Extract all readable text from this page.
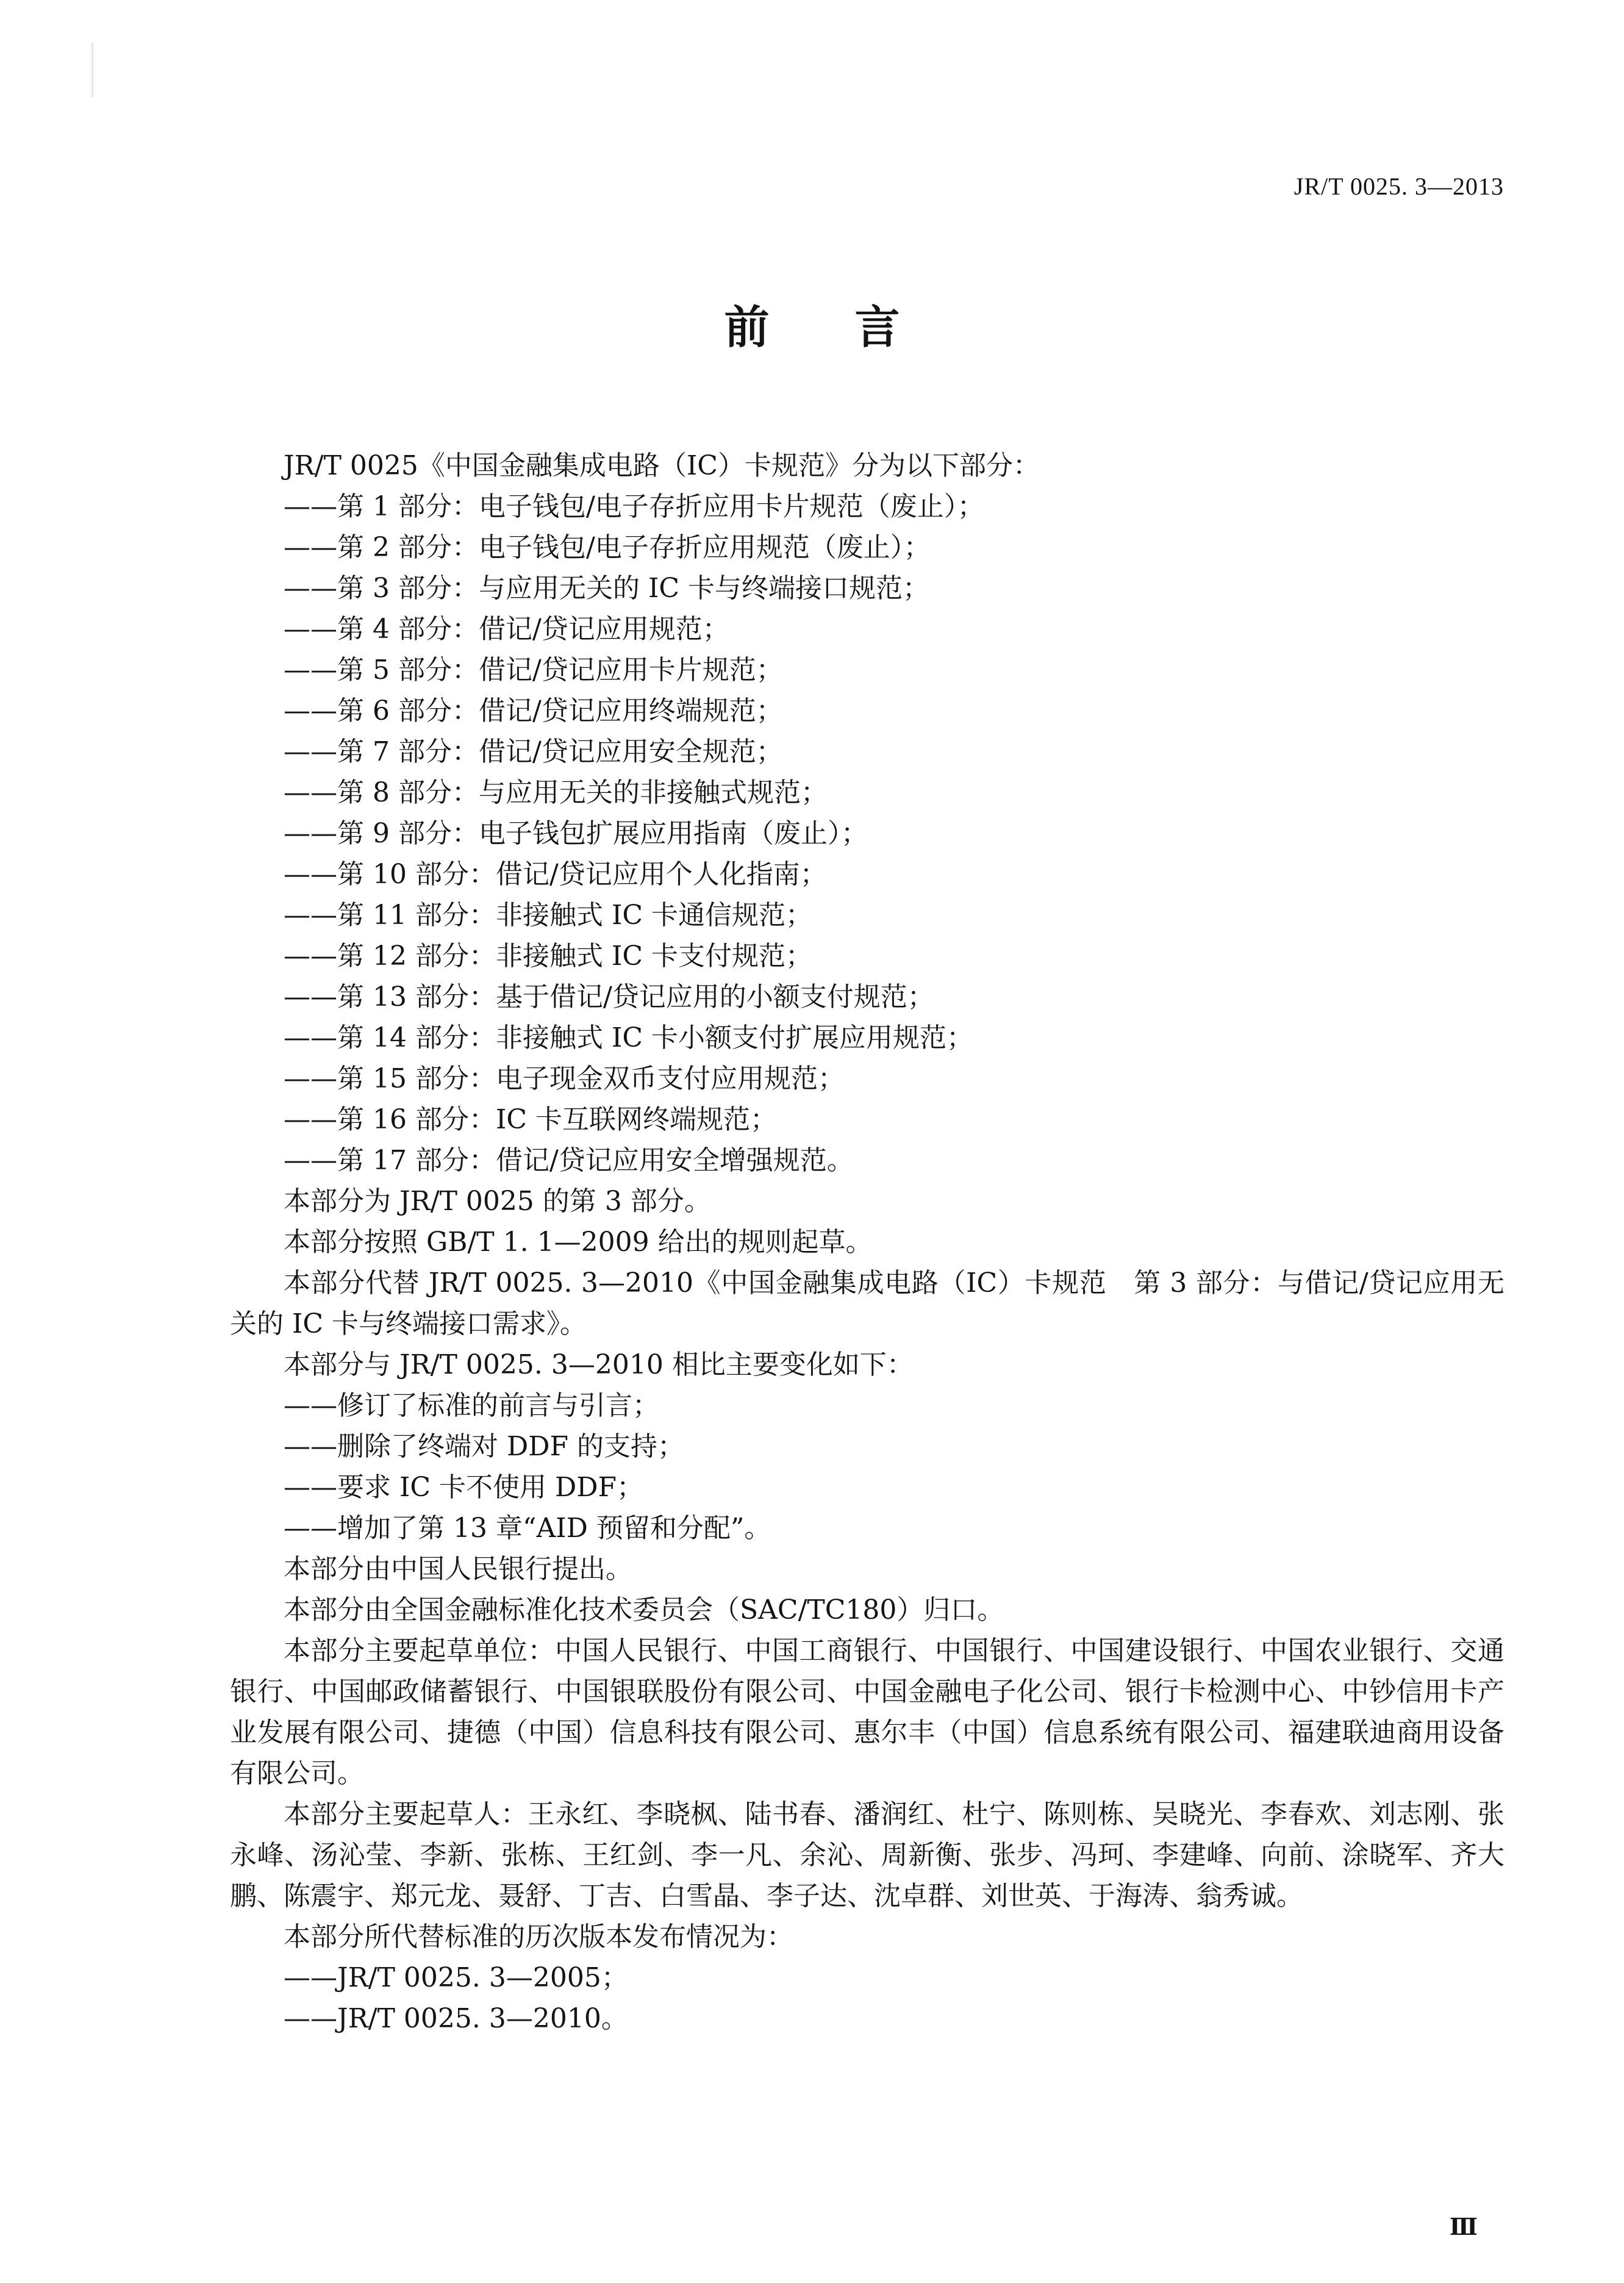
JR/T 0025. 3—2013
前 言

JR/T 0025《中国金融集成电路（IC）卡规范》分为以下部分：

——第 1 部分：电子钱包/电子存折应用卡片规范（废止）；

——第 2 部分：电子钱包/电子存折应用规范（废止）；

——第 3 部分：与应用无关的 IC 卡与终端接口规范；

——第 4 部分：借记/贷记应用规范；

——第 5 部分：借记/贷记应用卡片规范；

——第 6 部分：借记/贷记应用终端规范；

——第 7 部分：借记/贷记应用安全规范；

——第 8 部分：与应用无关的非接触式规范；

——第 9 部分：电子钱包扩展应用指南（废止）；

——第 10 部分：借记/贷记应用个人化指南；

——第 11 部分：非接触式 IC 卡通信规范；

——第 12 部分：非接触式 IC 卡支付规范；

——第 13 部分：基于借记/贷记应用的小额支付规范；

——第 14 部分：非接触式 IC 卡小额支付扩展应用规范；

——第 15 部分：电子现金双币支付应用规范；

——第 16 部分：IC 卡互联网终端规范；

——第 17 部分：借记/贷记应用安全增强规范。

本部分为 JR/T 0025 的第 3 部分。

本部分按照 GB/T 1. 1—2009 给出的规则起草。

本部分代替 JR/T 0025. 3—2010《中国金融集成电路（IC）卡规范　第 3 部分：与借记/贷记应用无关的 IC 卡与终端接口需求》。

本部分与 JR/T 0025. 3—2010 相比主要变化如下：

——修订了标准的前言与引言；

——删除了终端对 DDF 的支持；

——要求 IC 卡不使用 DDF；

——增加了第 13 章“AID 预留和分配”。

本部分由中国人民银行提出。

本部分由全国金融标准化技术委员会（SAC/TC180）归口。

本部分主要起草单位：中国人民银行、中国工商银行、中国银行、中国建设银行、中国农业银行、交通银行、中国邮政储蓄银行、中国银联股份有限公司、中国金融电子化公司、银行卡检测中心、中钞信用卡产业发展有限公司、捷德（中国）信息科技有限公司、惠尔丰（中国）信息系统有限公司、福建联迪商用设备有限公司。

本部分主要起草人：王永红、李晓枫、陆书春、潘润红、杜宁、陈则栋、吴晓光、李春欢、刘志刚、张永峰、汤沁莹、李新、张栋、王红剑、李一凡、余沁、周新衡、张步、冯珂、李建峰、向前、涂晓军、齐大鹏、陈震宇、郑元龙、聂舒、丁吉、白雪晶、李子达、沈卓群、刘世英、于海涛、翁秀诚。

本部分所代替标准的历次版本发布情况为：

——JR/T 0025. 3—2005；

——JR/T 0025. 3—2010。

Ⅲ
